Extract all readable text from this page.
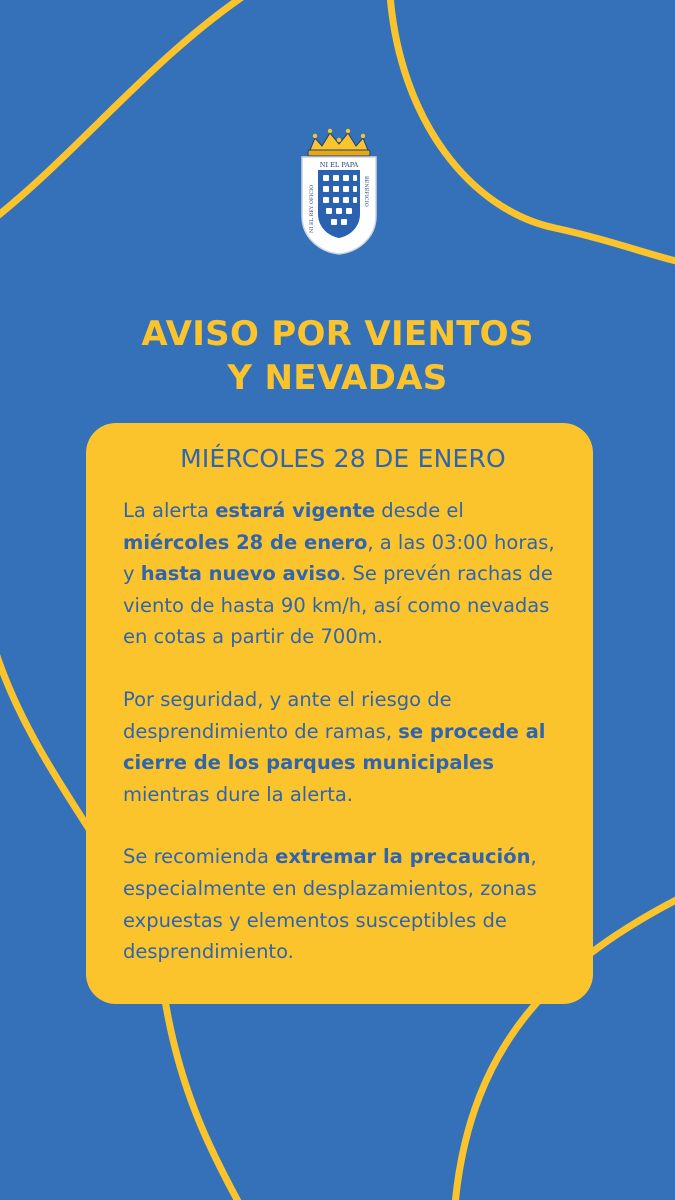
NI EL PAPA
NI EL REY OFICIO	BENEFICIO
AVISO POR VIENTOS
Y NEVADAS
MIÉRCOLES 28 DE ENERO

La alerta estará vigente desde el miércoles 28 de enero, a las 03:00 horas, y hasta nuevo aviso. Se prevén rachas de viento de hasta 90 km/h, así como nevadas en cotas a partir de 700m.

Por seguridad, y ante el riesgo de desprendimiento de ramas, se procede al cierre de los parques municipales mientras dure la alerta.

Se recomienda extremar la precaución, especialmente en desplazamientos, zonas expuestas y elementos susceptibles de desprendimiento.
